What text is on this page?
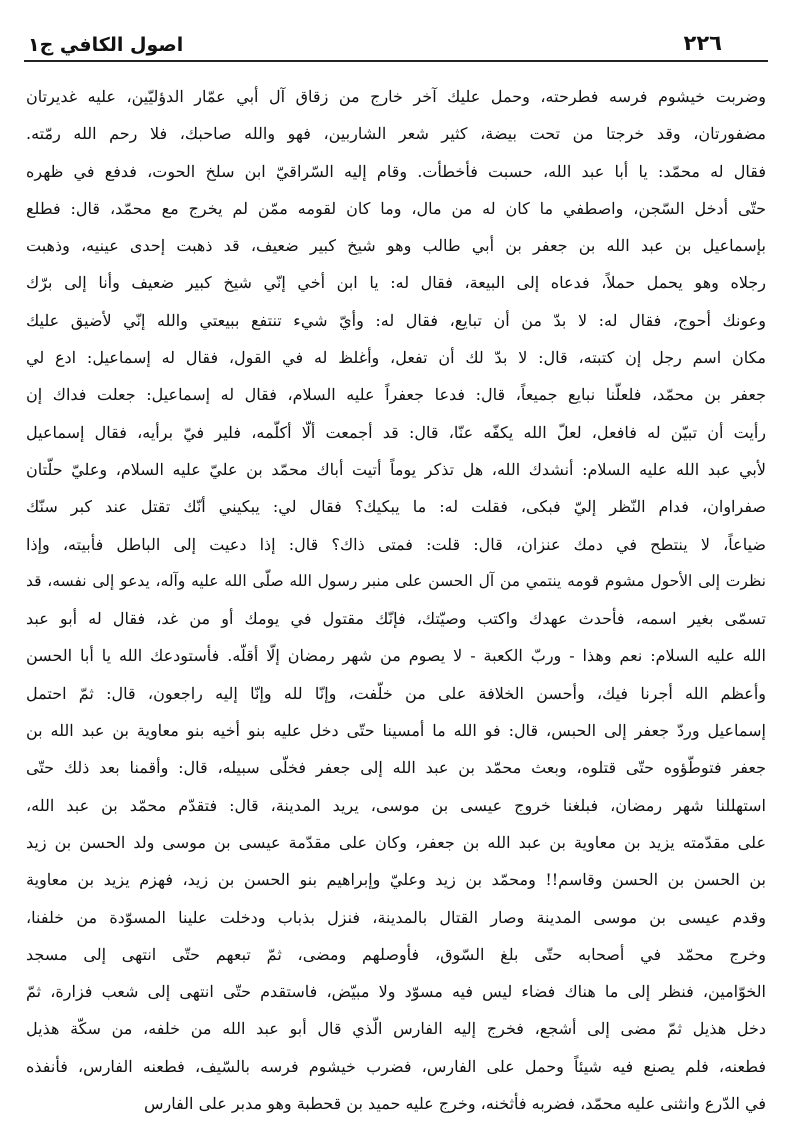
٢٢٦
اصول الكافي ج١
وضربت خيشوم فرسه فطرحته، وحمل عليك آخر خارج من زقاق آل أبي عمّار الدؤليّين، عليه غديرتان
مضفورتان، وقد خرجتا من تحت بيضة، كثير شعر الشاربين، فهو والله صاحبك، فلا رحم الله رمّته.
فقال له محمّد: يا أبا عبد الله، حسبت فأخطأت. وقام إليه السّراقيّ ابن سلخ الحوت، فدفع في ظهره
حتّى أدخل السّجن، واصطفي ما كان له من مال، وما كان لقومه ممّن لم يخرج مع محمّد، قال: فطلع
بإسماعيل بن عبد الله بن جعفر بن أبي طالب وهو شيخ كبير ضعيف، قد ذهبت إحدى عينيه، وذهبت
رجلاه وهو يحمل حملاً، فدعاه إلى البيعة، فقال له: يا ابن أخي إنّي شيخ كبير ضعيف وأنا إلى برّك
وعونك أحوج، فقال له: لا بدّ من أن تبايع، فقال له: وأيّ شيء تنتفع ببيعتي والله إنّي لأضيق عليك
مكان اسم رجل إن كتبته، قال: لا بدّ لك أن تفعل، وأغلظ له في القول، فقال له إسماعيل: ادع لي
جعفر بن محمّد، فلعلّنا نبايع جميعاً، قال: فدعا جعفراً عليه السلام، فقال له إسماعيل: جعلت فداك إن
رأيت أن تبيّن له فافعل، لعلّ الله يكفّه عنّا، قال: قد أجمعت ألّا أكلّمه، فلير فيّ برأيه، فقال إسماعيل
لأبي عبد الله عليه السلام: أنشدك الله، هل تذكر يوماً أتيت أباك محمّد بن عليّ عليه السلام، وعليّ حلّتان
صفراوان، فدام النّظر إليّ فبكى، فقلت له: ما يبكيك؟ فقال لي: يبكيني أنّك تقتل عند كبر سنّك
ضياعاً، لا ينتطح في دمك عنزان، قال: قلت: فمتى ذاك؟ قال: إذا دعيت إلى الباطل فأبيته، وإذا
نظرت إلى الأحول مشوم قومه ينتمي من آل الحسن على منبر رسول الله صلّى الله عليه وآله، يدعو إلى نفسه، قد
تسمّى بغير اسمه، فأحدث عهدك واكتب وصيّتك، فإنّك مقتول في يومك أو من غد، فقال له أبو عبد
الله عليه السلام: نعم وهذا - وربّ الكعبة - لا يصوم من شهر رمضان إلّا أقلّه. فأستودعك الله يا أبا الحسن
وأعظم الله أجرنا فيك، وأحسن الخلافة على من خلّفت، وإنّا لله وإنّا إليه راجعون، قال: ثمّ احتمل
إسماعيل وردّ جعفر إلى الحبس، قال: فو الله ما أمسينا حتّى دخل عليه بنو أخيه بنو معاوية بن عبد الله بن
جعفر فتوطّؤوه حتّى قتلوه، وبعث محمّد بن عبد الله إلى جعفر فخلّى سبيله، قال: وأقمنا بعد ذلك حتّى
استهللنا شهر رمضان، فبلغنا خروج عيسى بن موسى، يريد المدينة، قال: فتقدّم محمّد بن عبد الله،
على مقدّمته يزيد بن معاوية بن عبد الله بن جعفر، وكان على مقدّمة عيسى بن موسى ولد الحسن بن زيد
بن الحسن بن الحسن وقاسم!! ومحمّد بن زيد وعليّ وإبراهيم بنو الحسن بن زيد، فهزم يزيد بن معاوية
وقدم عيسى بن موسى المدينة وصار القتال بالمدينة، فنزل بذباب ودخلت علينا المسوّدة من خلفنا،
وخرج محمّد في أصحابه حتّى بلغ السّوق، فأوصلهم ومضى، ثمّ تبعهم حتّى انتهى إلى مسجد
الخوّامين، فنظر إلى ما هناك فضاء ليس فيه مسوّد ولا مبيّض، فاستقدم حتّى انتهى إلى شعب فزارة، ثمّ
دخل هذيل ثمّ مضى إلى أشجع، فخرج إليه الفارس الّذي قال أبو عبد الله من خلفه، من سكّة هذيل
فطعنه، فلم يصنع فيه شيئاً وحمل على الفارس، فضرب خيشوم فرسه بالسّيف، فطعنه الفارس، فأنفذه
في الدّرع وانثنى عليه محمّد، فضربه فأثخنه، وخرج عليه حميد بن قحطبة وهو مدبر على الفارس
